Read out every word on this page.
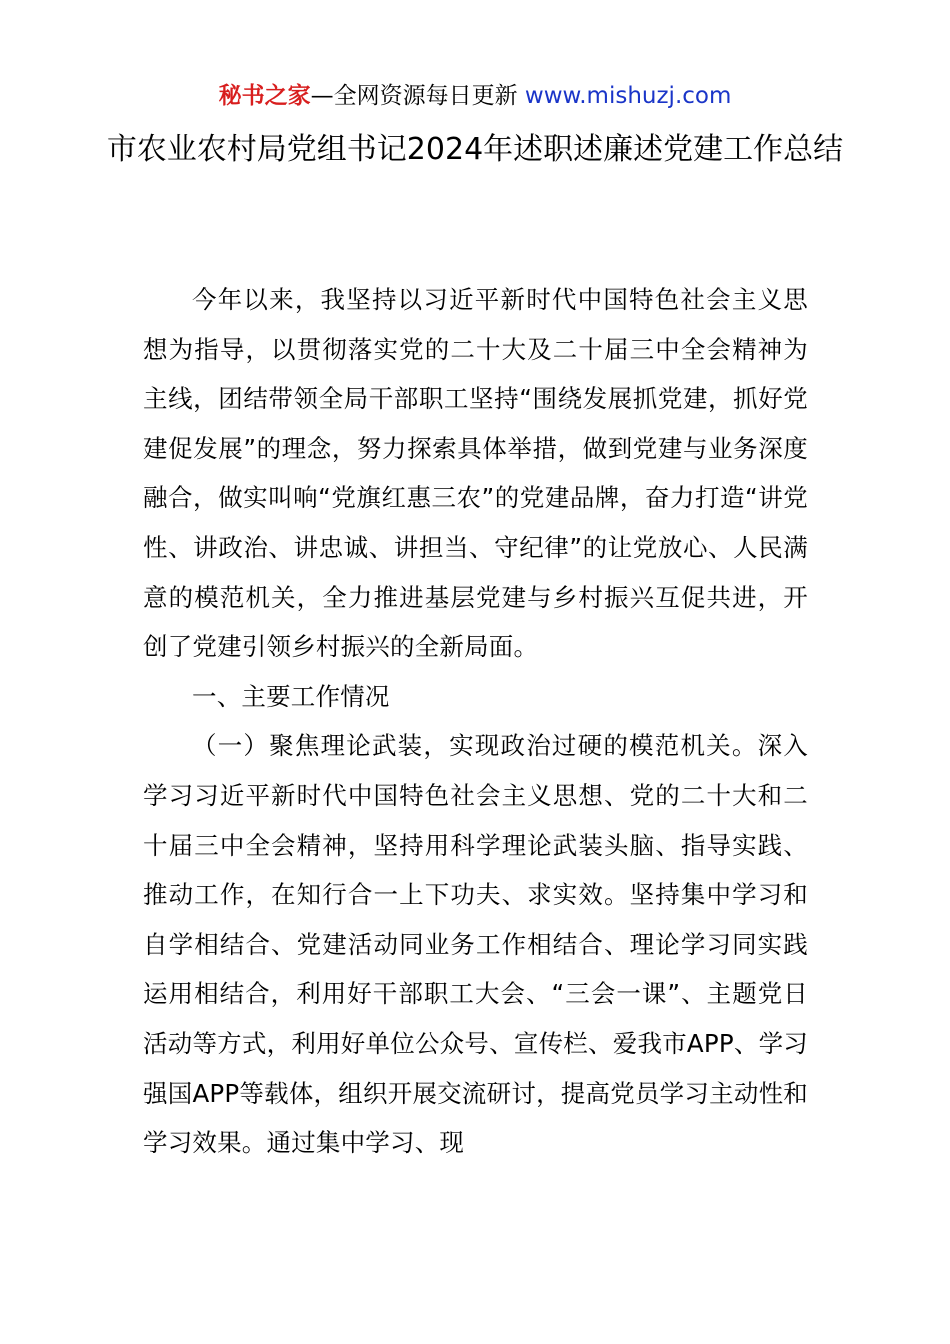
秘书之家—全网资源每日更新 www.mishuzj.com
市农业农村局党组书记2024年述职述廉述党建工作总结

今年以来，我坚持以习近平新时代中国特色社会主义思想为指导，以贯彻落实党的二十大及二十届三中全会精神为主线，团结带领全局干部职工坚持“围绕发展抓党建，抓好党建促发展”的理念，努力探索具体举措，做到党建与业务深度融合，做实叫响“党旗红惠三农”的党建品牌，奋力打造“讲党性、讲政治、讲忠诚、讲担当、守纪律”的让党放心、人民满意的模范机关，全力推进基层党建与乡村振兴互促共进，开创了党建引领乡村振兴的全新局面。

一、主要工作情况

（一）聚焦理论武装，实现政治过硬的模范机关。深入学习习近平新时代中国特色社会主义思想、党的二十大和二十届三中全会精神，坚持用科学理论武装头脑、指导实践、推动工作，在知行合一上下功夫、求实效。坚持集中学习和自学相结合、党建活动同业务工作相结合、理论学习同实践运用相结合，利用好干部职工大会、“三会一课”、主题党日活动等方式，利用好单位公众号、宣传栏、爱我市APP、学习强国APP等载体，组织开展交流研讨，提高党员学习主动性和学习效果。通过集中学习、现
